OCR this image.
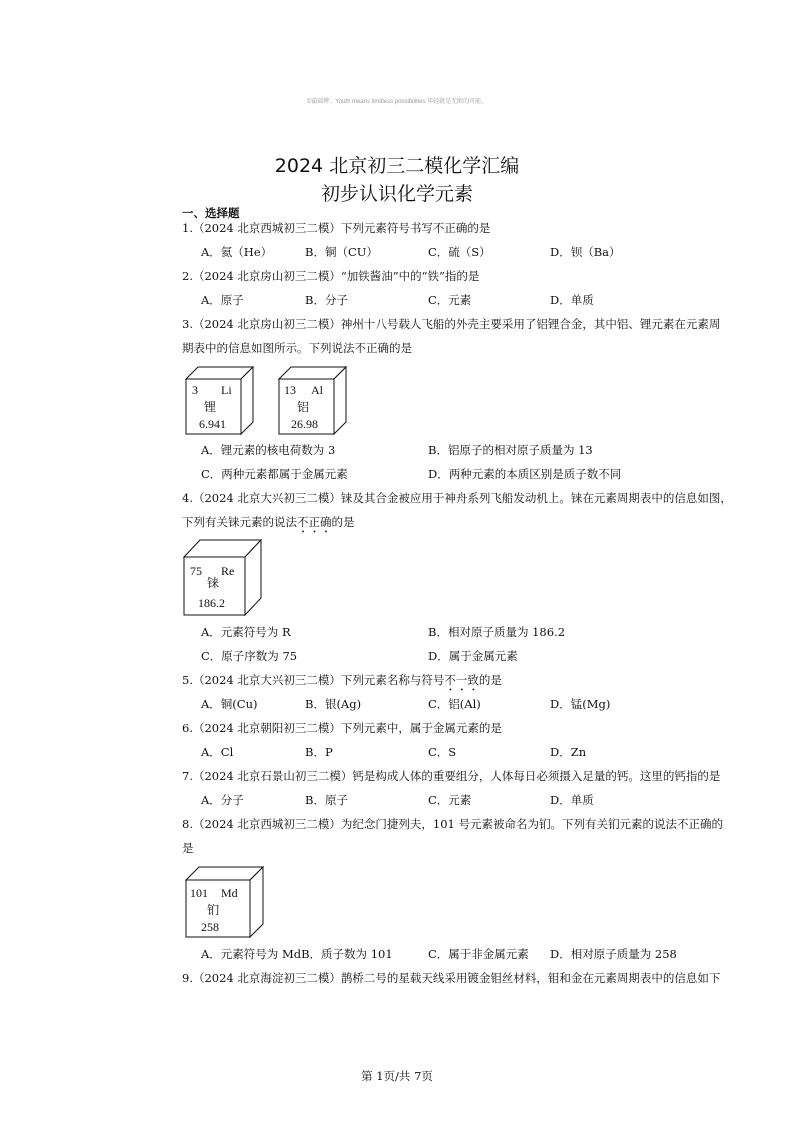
©蒲圆辨：Youth means limitless possibilities 年轻就是无限的可能。
2024 北京初三二模化学汇编
初步认识化学元素
一、选择题
1.（2024 北京西城初三二模）下列元素符号书写不正确的是
A．氦（He）	B．铜（CU）	C．硫（S）	D．钡（Ba）
2.（2024 北京房山初三二模）“加铁酱油”中的“铁”指的是
A．原子	B．分子	C．元素	D．单质
3.（2024 北京房山初三二模）神州十八号载人飞船的外壳主要采用了铝锂合金，其中铝、锂元素在元素周
期表中的信息如图所示。下列说法不正确的是
3 Li
锂
6.941
13 Al
铝
26.98
A．锂元素的核电荷数为 3	B．铝原子的相对原子质量为 13
C．两种元素都属于金属元素	D．两种元素的本质区别是质子数不同
4.（2024 北京大兴初三二模）铼及其合金被应用于神舟系列飞船发动机上。铼在元素周期表中的信息如图，
下列有关铼元素的说法不正确的是
75 Re
铼
186.2
A．元素符号为 R	B．相对原子质量为 186.2
C．原子序数为 75	D．属于金属元素
5.（2024 北京大兴初三二模）下列元素名称与符号不一致的是
A．铜(Cu)	B．银(Ag)	C．铝(Al)	D．锰(Mg)
6.（2024 北京朝阳初三二模）下列元素中，属于金属元素的是
A．Cl	B．P	C．S	D．Zn
7.（2024 北京石景山初三二模）钙是构成人体的重要组分，人体每日必须摄入足量的钙。这里的钙指的是
A．分子	B．原子	C．元素	D．单质
8.（2024 北京西城初三二模）为纪念门捷列夫，101 号元素被命名为钔。下列有关钔元素的说法不正确的
是
101 Md
钔
258
A．元素符号为 MdB．质子数为 101	C．属于非金属元素 D．相对原子质量为 258
9.（2024 北京海淀初三二模）鹊桥二号的星载天线采用镀金钼丝材料，钼和金在元素周期表中的信息如下
第 1页/共 7页
